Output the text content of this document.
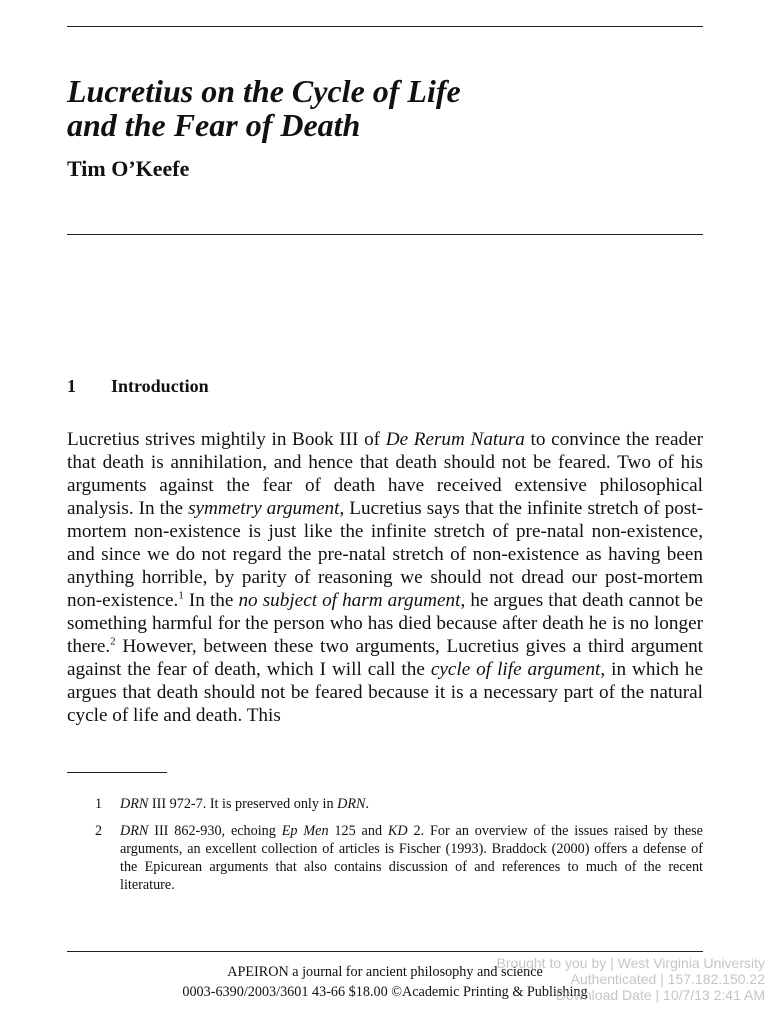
Lucretius on the Cycle of Life
and the Fear of Death

Tim O’Keefe

1 Introduction

Lucretius strives mightily in Book III of De Rerum Natura to convince the reader that death is annihilation, and hence that death should not be feared. Two of his arguments against the fear of death have received extensive philosophical analysis. In the symmetry argument, Lucretius says that the infinite stretch of post-mortem non-existence is just like the infinite stretch of pre-natal non-existence, and since we do not regard the pre-natal stretch of non-existence as having been anything horrible, by parity of reasoning we should not dread our post-mortem non-existence.$^1$ In the no subject of harm argument, he argues that death cannot be something harmful for the person who has died because after death he is no longer there.$^2$ However, between these two arguments, Lucretius gives a third argument against the fear of death, which I will call the cycle of life argument, in which he argues that death should not be feared because it is a necessary part of the natural cycle of life and death. This

1 DRN III 972-7. It is preserved only in DRN.
2 DRN III 862-930, echoing Ep Men 125 and KD 2. For an overview of the issues raised by these arguments, an excellent collection of articles is Fischer (1993). Braddock (2000) offers a defense of the Epicurean arguments that also contains discussion of and references to much of the recent literature.
APEIRON a journal for ancient philosophy and science
0003-6390/2003/3601 43-66 $18.00 ©Academic Printing & Publishing
Brought to you by | West Virginia University
Authenticated | 157.182.150.22
Download Date | 10/7/13 2:41 AM
